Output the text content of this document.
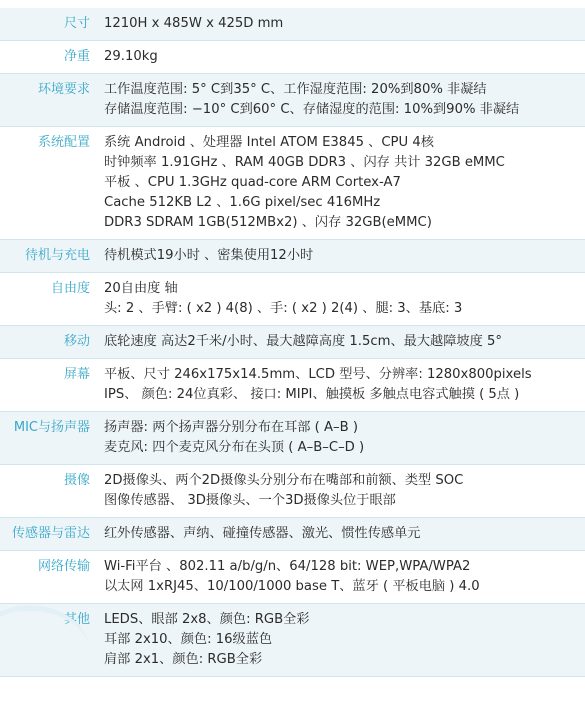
尺寸	1210H x 485W x 425D mm
净重	29.10kg
环境要求	工作温度范围: 5° C到35° C、工作湿度范围: 20%到80% 非凝结
存储温度范围: −10° C到60° C、存储湿度的范围: 10%到90% 非凝结
系统配置	系统 Android 、处理器 Intel ATOM E3845 、CPU 4核
时钟频率 1.91GHz 、RAM 40GB DDR3 、闪存 共计 32GB eMMC
平板 、CPU 1.3GHz quad-core ARM Cortex-A7
Cache 512KB L2 、1.6G pixel/sec 416MHz
DDR3 SDRAM 1GB(512MBx2) 、闪存 32GB(eMMC)
待机与充电	待机模式19小时 、密集使用12小时
自由度	20自由度 轴
头: 2 、手臂: ( x2 ) 4(8) 、手: ( x2 ) 2(4) 、腿: 3、基底: 3
移动	底轮速度 高达2千米/小时、最大越障高度 1.5cm、最大越障坡度 5°
屏幕	平板、尺寸 246x175x14.5mm、LCD 型号、分辨率: 1280x800pixels
IPS、 颜色: 24位真彩、 接口: MIPI、触摸板 多触点电容式触摸 ( 5点 )
MIC与扬声器	扬声器: 两个扬声器分别分布在耳部 ( A–B )
麦克风: 四个麦克风分布在头顶 ( A–B–C–D )
摄像	2D摄像头、两个2D摄像头分别分布在嘴部和前额、类型 SOC
图像传感器、 3D摄像头、一个3D摄像头位于眼部
传感器与雷达	红外传感器、声纳、碰撞传感器、激光、惯性传感单元
网络传输	Wi-Fi平台 、802.11 a/b/g/n、64/128 bit: WEP,WPA/WPA2
以太网 1xRJ45、10/100/1000 base T、蓝牙 ( 平板电脑 ) 4.0
其他	LEDS、眼部 2x8、颜色: RGB全彩
耳部 2x10、颜色: 16级蓝色
肩部 2x1、颜色: RGB全彩
